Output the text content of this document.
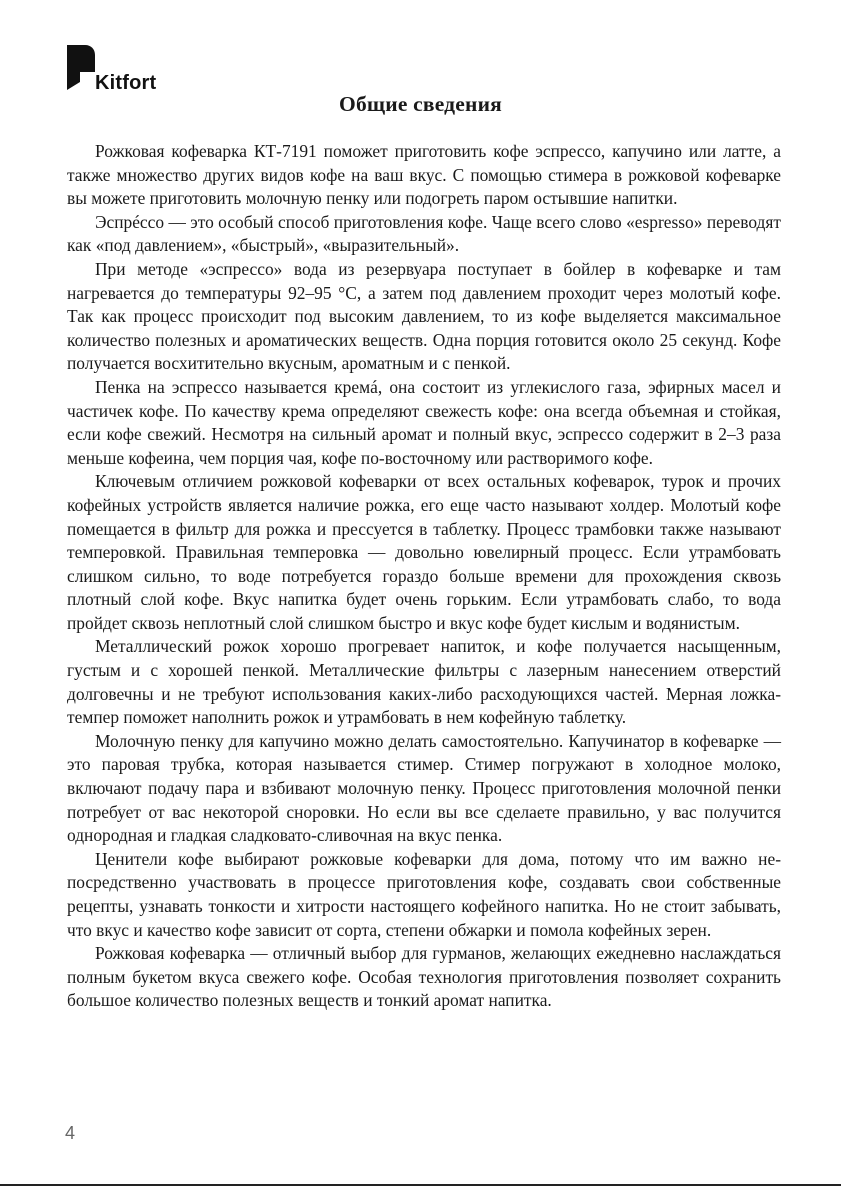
Kitfort
Общие сведения

Рожковая кофеварка КТ-7191 поможет приготовить кофе эспрессо, капучино или латте, а также множество других видов кофе на ваш вкус. С помощью стимера в рожковой кофеварке вы можете приготовить молочную пенку или подогреть паром остывшие напитки.

Эспрéссо — это особый способ приготовления кофе. Чаще всего слово «espresso» переводят как «под давлением», «быстрый», «выразительный».

При методе «эспрессо» вода из резервуара поступает в бойлер в кофеварке и там нагревается до температуры 92–95 °С, а затем под давлением проходит через молотый кофе. Так как процесс происходит под высоким давлением, то из кофе выделяется максимальное количество полезных и ароматических веществ. Одна порция готовится около 25 секунд. Кофе получается восхитительно вкусным, ароматным и с пенкой.

Пенка на эспрессо называется кремá, она состоит из углекислого газа, эфирных масел и частичек кофе. По качеству крема определяют свежесть кофе: она всегда объемная и стойкая, если кофе свежий. Несмотря на сильный аромат и полный вкус, эспрессо содержит в 2–3 раза меньше кофеина, чем порция чая, кофе по-восточному или растворимого кофе.

Ключевым отличием рожковой кофеварки от всех остальных кофеварок, турок и прочих кофейных устройств является наличие рожка, его еще часто называют холдер. Молотый кофе помещается в фильтр для рожка и прессуется в таблетку. Процесс трамбовки также называют темперовкой. Правильная темперовка — довольно ювелирный процесс. Если утрамбовать слишком сильно, то воде потребуется гораздо больше времени для прохождения сквозь плотный слой кофе. Вкус напитка будет очень горьким. Если утрамбовать слабо, то вода пройдет сквозь неплотный слой слишком быстро и вкус кофе будет кислым и водянистым.

Металлический рожок хорошо прогревает напиток, и кофе получается насыщенным, густым и с хорошей пенкой. Металлические фильтры с лазерным нанесением отверстий долговечны и не требуют использования каких-либо расходующихся частей. Мерная ложка-темпер поможет наполнить рожок и утрамбовать в нем кофейную таблетку.

Молочную пенку для капучино можно делать самостоятельно. Капучинатор в кофеварке — это паровая трубка, которая называется стимер. Стимер погружают в холодное молоко, включают подачу пара и взбивают молочную пенку. Процесс приготовления молочной пенки потребует от вас некоторой сноровки. Но если вы все сделаете правильно, у вас получится однородная и гладкая сладковато-сливочная на вкус пенка.

Ценители кофе выбирают рожковые кофеварки для дома, потому что им важно непосредственно участвовать в процессе приготовления кофе, создавать свои собственные рецепты, узнавать тонкости и хитрости настоящего кофейного напитка. Но не стоит забывать, что вкус и качество кофе зависит от сорта, степени обжарки и помола кофейных зерен.

Рожковая кофеварка — отличный выбор для гурманов, желающих ежедневно наслаждаться полным букетом вкуса свежего кофе. Особая технология приготовления позволяет сохранить большое количество полезных веществ и тонкий аромат напитка.

4
